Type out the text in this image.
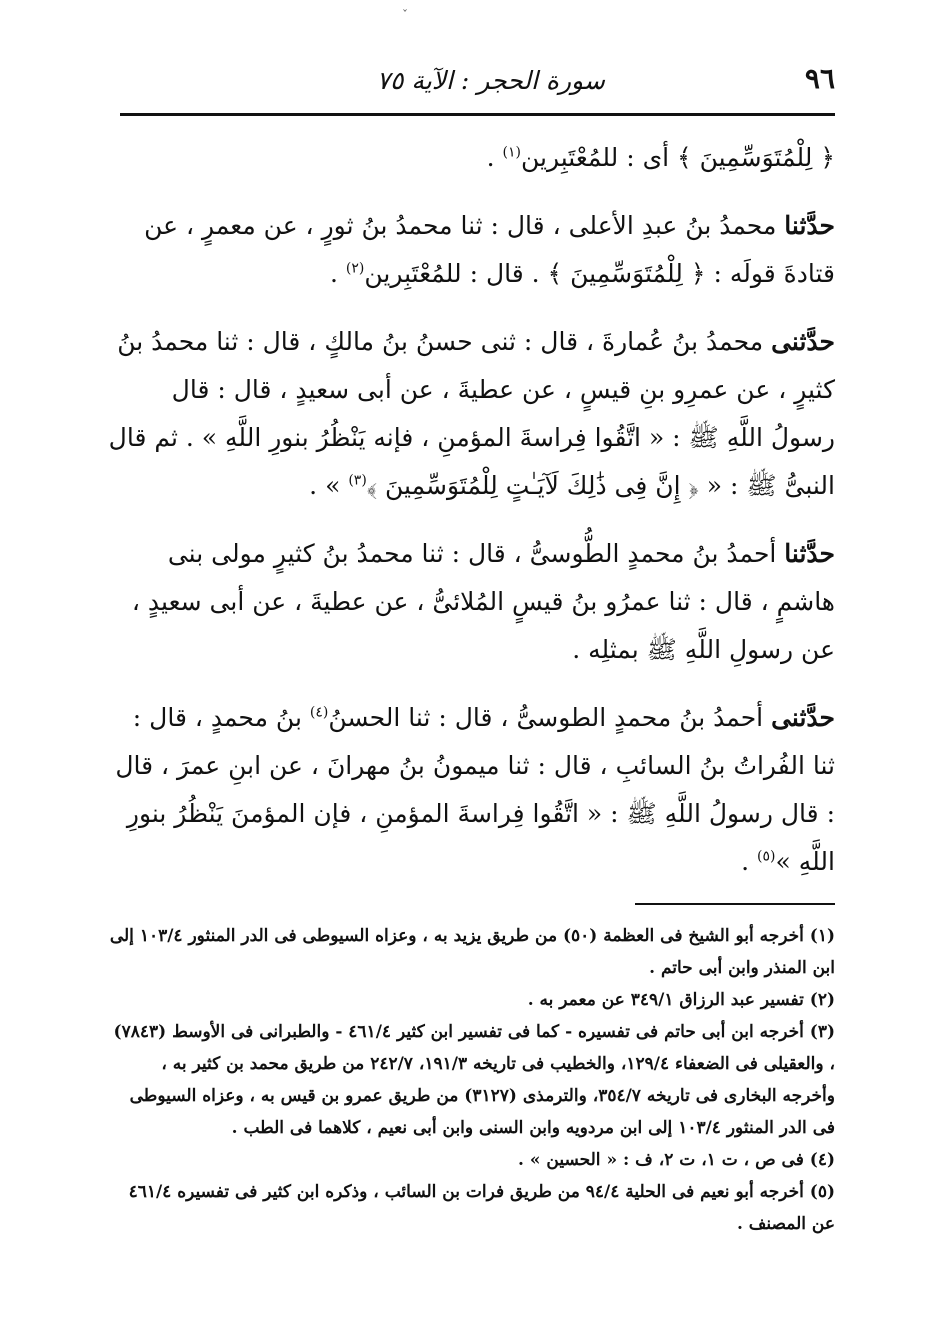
ˇ
٩٦
سورة الحجر : الآية ٧٥

﴿ لِلْمُتَوَسِّمِينَ ﴾ أى : للمُعْتَبِرين$^{(١)}$ .

حدَّثنا محمدُ بنُ عبدِ الأعلى ، قال : ثنا محمدُ بنُ ثورٍ ، عن معمرٍ ، عن قتادةَ قولَه : ﴿ لِلْمُتَوَسِّمِينَ ﴾ . قال : للمُعْتَبِرين$^{(٢)}$ .

حدَّثنى محمدُ بنُ عُمارةَ ، قال : ثنى حسنُ بنُ مالكٍ ، قال : ثنا محمدُ بنُ كثيرٍ ، عن عمرِو بنِ قيسٍ ، عن عطيةَ ، عن أبى سعيدٍ ، قال : قال رسولُ اللَّهِ ﷺ : « اتَّقُوا فِراسةَ المؤمنِ ، فإنه يَنْظُرُ بنورِ اللَّهِ » . ثم قال النبىُّ ﷺ : « ﴿ إِنَّ فِى ذَٰلِكَ لَآيَـٰتٍ لِلْمُتَوَسِّمِينَ ﴾$^{(٣)}$ » .

حدَّثنا أحمدُ بنُ محمدٍ الطُّوسىُّ ، قال : ثنا محمدُ بنُ كثيرٍ مولى بنى هاشمٍ ، قال : ثنا عمرُو بنُ قيسٍ المُلائىُّ ، عن عطيةَ ، عن أبى سعيدٍ ، عن رسولِ اللَّهِ ﷺ بمثلِه .

حدَّثنى أحمدُ بنُ محمدٍ الطوسىُّ ، قال : ثنا الحسنُ$^{(٤)}$ بنُ محمدٍ ، قال : ثنا الفُراتُ بنُ السائبِ ، قال : ثنا ميمونُ بنُ مهرانَ ، عن ابنِ عمرَ ، قال : قال رسولُ اللَّهِ ﷺ : « اتَّقُوا فِراسةَ المؤمنِ ، فإن المؤمنَ يَنْظُرُ بنورِ اللَّهِ »$^{(٥)}$ .

(١) أخرجه أبو الشيخ فى العظمة (٥٠) من طريق يزيد به ، وعزاه السيوطى فى الدر المنثور ١٠٣/٤ إلى ابن المنذر وابن أبى حاتم .

(٢) تفسير عبد الرزاق ٣٤٩/١ عن معمر به .

(٣) أخرجه ابن أبى حاتم فى تفسيره - كما فى تفسير ابن كثير ٤٦١/٤ - والطبرانى فى الأوسط (٧٨٤٣) ، والعقيلى فى الضعفاء ١٢٩/٤، والخطيب فى تاريخه ١٩١/٣، ٢٤٢/٧ من طريق محمد بن كثير به ، وأخرجه البخارى فى تاريخه ٣٥٤/٧، والترمذى (٣١٢٧) من طريق عمرو بن قيس به ، وعزاه السيوطى فى الدر المنثور ١٠٣/٤ إلى ابن مردويه وابن السنى وابن أبى نعيم ، كلاهما فى الطب .

(٤) فى ص ، ت ١، ت ٢، ف : « الحسين » .

(٥) أخرجه أبو نعيم فى الحلية ٩٤/٤ من طريق فرات بن السائب ، وذكره ابن كثير فى تفسيره ٤٦١/٤ عن المصنف .
